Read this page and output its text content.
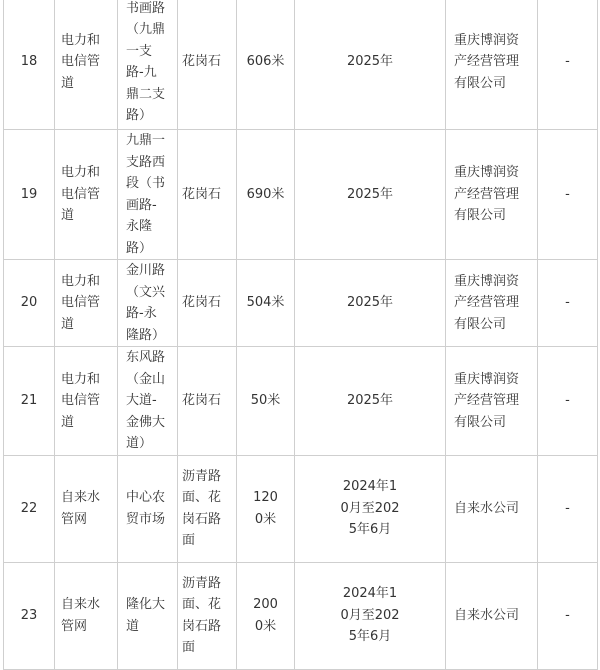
18	电力和电信管道	书画路（九鼎一支路-九鼎二支路）	花岗石	606米	2025年	重庆博润资产经营管理有限公司	-
19	电力和电信管道	九鼎一支路西段（书画路-永隆路）	花岗石	690米	2025年	重庆博润资产经营管理有限公司	-
20	电力和电信管道	金川路（文兴路-永隆路）	花岗石	504米	2025年	重庆博润资产经营管理有限公司	-
21	电力和电信管道	东风路（金山大道-金佛大道）	花岗石	50米	2025年	重庆博润资产经营管理有限公司	-
22	自来水管网	中心农贸市场	沥青路面、花岗石路面	1200米	2024年10月至2025年6月	自来水公司	-
23	自来水管网	隆化大道	沥青路面、花岗石路面	2000米	2024年10月至2025年6月	自来水公司	-
